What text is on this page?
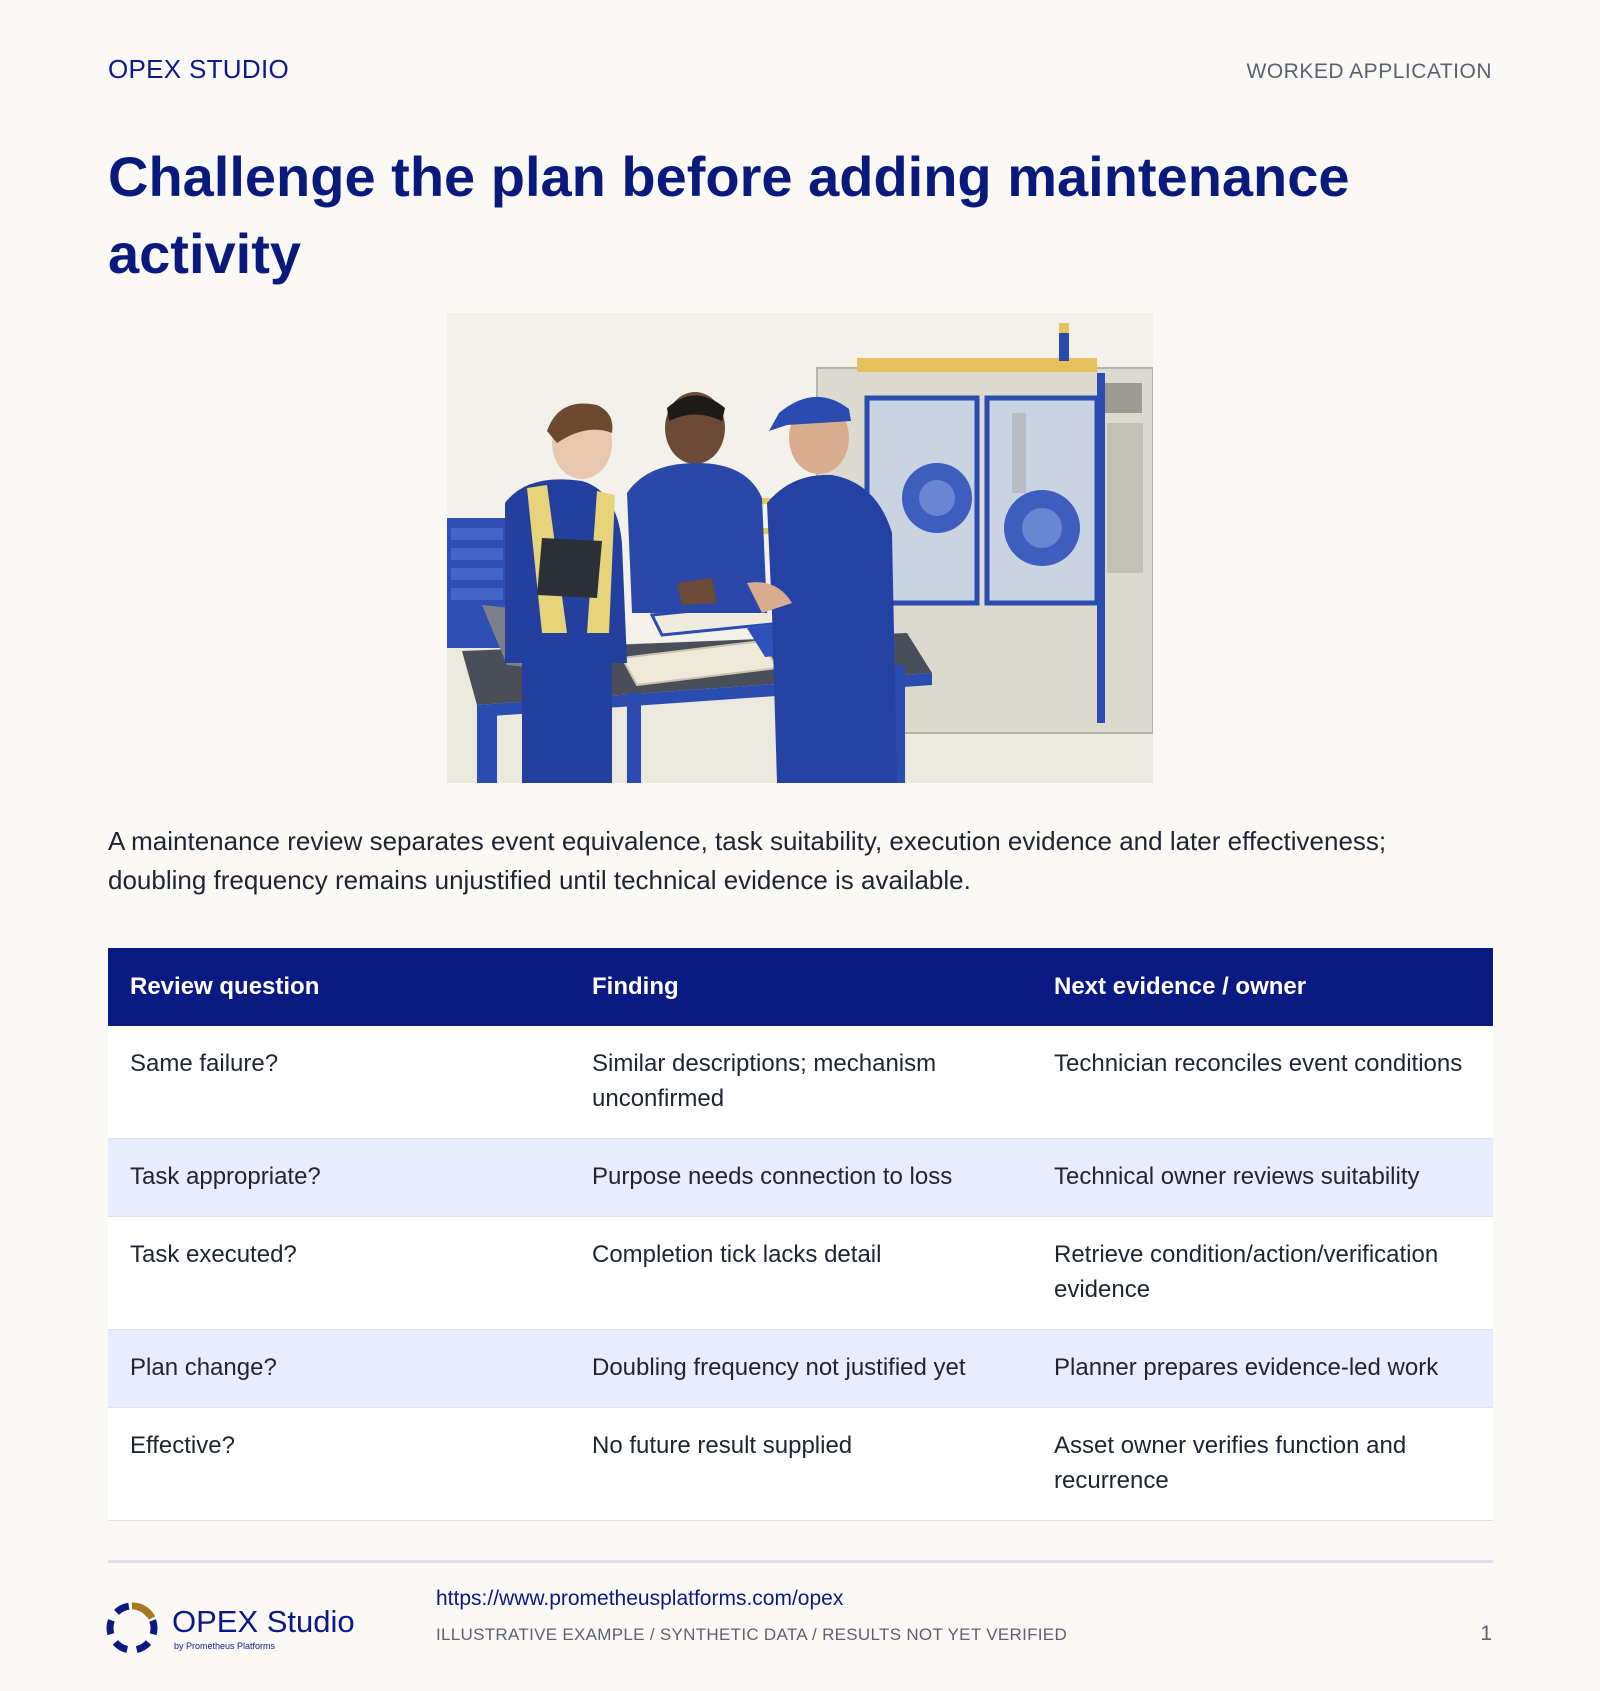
OPEX STUDIO	WORKED APPLICATION
Challenge the plan before adding maintenance activity

A maintenance review separates event equivalence, task suitability, execution evidence and later effectiveness; doubling frequency remains unjustified until technical evidence is available.

Review question	Finding	Next evidence / owner
Same failure?	Similar descriptions; mechanism unconfirmed	Technician reconciles event conditions
Task appropriate?	Purpose needs connection to loss	Technical owner reviews suitability
Task executed?	Completion tick lacks detail	Retrieve condition/action/verification evidence
Plan change?	Doubling frequency not justified yet	Planner prepares evidence-led work
Effective?	No future result supplied	Asset owner verifies function and recurrence
OPEX Studio
by Prometheus Platforms
https://www.prometheusplatforms.com/opex
ILLUSTRATIVE EXAMPLE / SYNTHETIC DATA / RESULTS NOT YET VERIFIED	1
